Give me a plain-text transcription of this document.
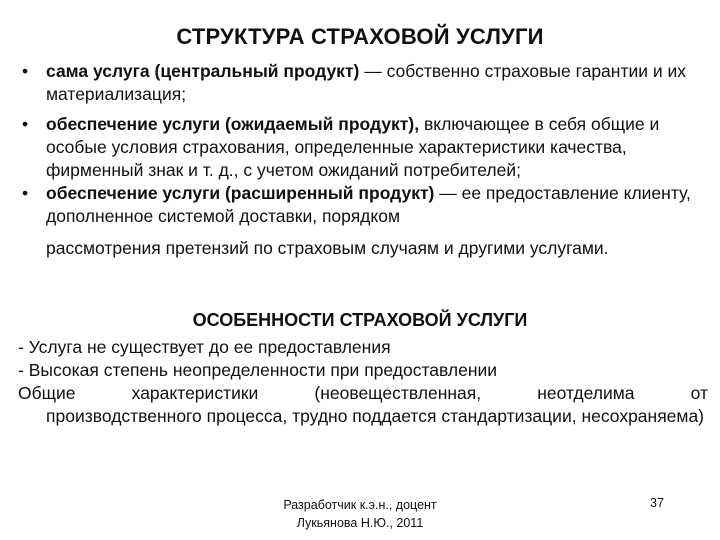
СТРУКТУРА СТРАХОВОЙ УСЛУГИ
• сама услуга (центральный продукт) — собственно страховые гарантии и их материализация;
• обеспечение услуги (ожидаемый продукт), включающее в себя общие и особые условия страхования, определенные характеристики качества, фирменный знак и т. д., с учетом ожиданий потребителей;
• обеспечение услуги (расширенный продукт) — ее предоставление клиенту, дополненное системой доставки, порядком
рассмотрения претензий по страховым случаям и другими услугами.
ОСОБЕННОСТИ СТРАХОВОЙ УСЛУГИ
- Услуга не существует до ее предоставления
- Высокая степень неопределенности при предоставлении
Общие характеристики (неовеществленная, неотделима от
производственного процесса, трудно поддается стандартизации, несохраняема)
Разработчик к.э.н., доцент
Лукьянова Н.Ю., 2011
37
